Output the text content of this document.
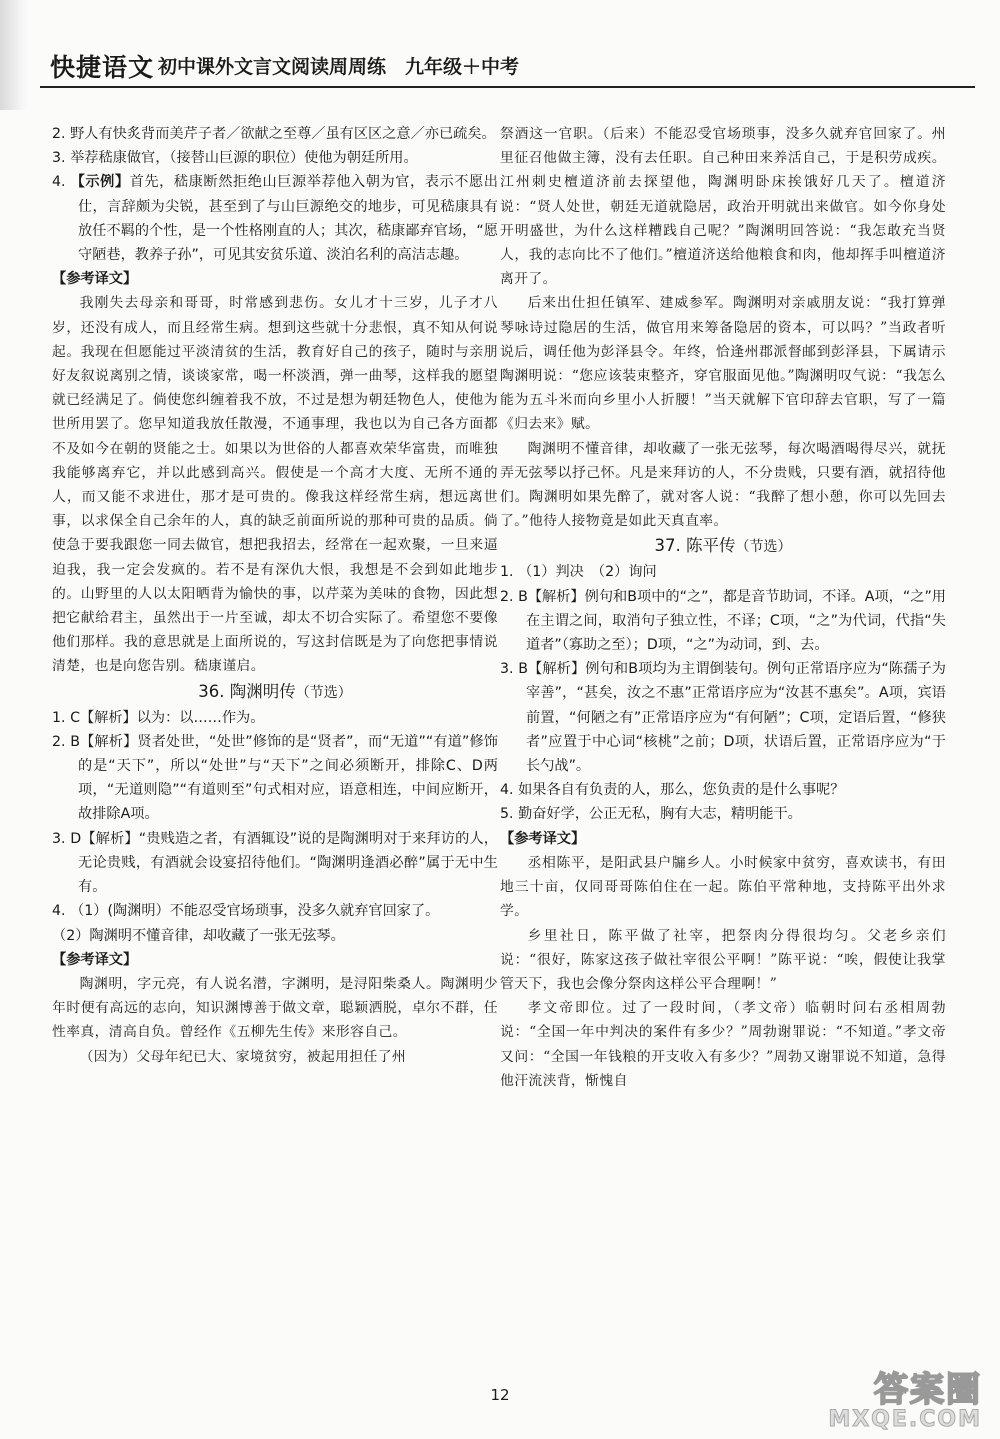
快捷语文 初中课外文言文阅读周周练　九年级＋中考

2. 野人有快炙背而美芹子者／欲献之至尊／虽有区区之意／亦已疏矣。

3. 举荐嵇康做官，（接替山巨源的职位）使他为朝廷所用。

4. 【示例】首先，嵇康断然拒绝山巨源举荐他入朝为官，表示不愿出仕，言辞颇为尖锐，甚至到了与山巨源绝交的地步，可见嵇康具有放任不羁的个性，是一个性格刚直的人；其次，嵇康鄙弃官场，“愿守陋巷，教养子孙”，可见其安贫乐道、淡泊名利的高洁志趣。

【参考译文】

我刚失去母亲和哥哥，时常感到悲伤。女儿才十三岁，儿子才八岁，还没有成人，而且经常生病。想到这些就十分悲恨，真不知从何说起。我现在但愿能过平淡清贫的生活，教育好自己的孩子，随时与亲朋好友叙说离别之情，谈谈家常，喝一杯淡酒，弹一曲琴，这样我的愿望就已经满足了。倘使您纠缠着我不放，不过是想为朝廷物色人，使他为世所用罢了。您早知道我放任散漫，不通事理，我也以为自己各方面都不及如今在朝的贤能之士。如果以为世俗的人都喜欢荣华富贵，而唯独我能够离弃它，并以此感到高兴。假使是一个高才大度、无所不通的人，而又能不求进仕，那才是可贵的。像我这样经常生病，想远离世事，以求保全自己余年的人，真的缺乏前面所说的那种可贵的品质。倘使急于要我跟您一同去做官，想把我招去，经常在一起欢聚，一旦来逼迫我，我一定会发疯的。若不是有深仇大恨，我想是不会到如此地步的。山野里的人以太阳晒背为愉快的事，以芹菜为美味的食物，因此想把它献给君主，虽然出于一片至诚，却太不切合实际了。希望您不要像他们那样。我的意思就是上面所说的，写这封信既是为了向您把事情说清楚，也是向您告别。嵇康谨启。

36. 陶渊明传（节选）

1. C【解析】以为：以……作为。

2. B【解析】贤者处世，“处世”修饰的是“贤者”，而“无道”“有道”修饰的是“天下”，所以“处世”与“天下”之间必须断开，排除C、D两项，“无道则隐”“有道则至”句式相对应，语意相连，中间应断开，故排除A项。

3. D【解析】“贵贱造之者，有酒辄设”说的是陶渊明对于来拜访的人，无论贵贱，有酒就会设宴招待他们。“陶渊明逢酒必醉”属于无中生有。

4. （1）(陶渊明）不能忍受官场琐事，没多久就弃官回家了。

（2）陶渊明不懂音律，却收藏了一张无弦琴。

【参考译文】

陶渊明，字元亮，有人说名潜，字渊明，是浔阳柴桑人。陶渊明少年时便有高远的志向，知识渊博善于做文章，聪颖洒脱，卓尔不群，任性率真，清高自负。曾经作《五柳先生传》来形容自己。

（因为）父母年纪已大、家境贫穷，被起用担任了州

祭酒这一官职。（后来）不能忍受官场琐事，没多久就弃官回家了。州里征召他做主簿，没有去任职。自己种田来养活自己，于是积劳成疾。江州刺史檀道济前去探望他，陶渊明卧床挨饿好几天了。檀道济说：“贤人处世，朝廷无道就隐居，政治开明就出来做官。如今你身处开明盛世，为什么这样糟践自己呢？”陶渊明回答说：“我怎敢充当贤人，我的志向比不了他们。”檀道济送给他粮食和肉，他却挥手叫檀道济离开了。

后来出仕担任镇军、建威参军。陶渊明对亲戚朋友说：“我打算弹琴咏诗过隐居的生活，做官用来筹备隐居的资本，可以吗？”当政者听说后，调任他为彭泽县令。年终，恰逢州郡派督邮到彭泽县，下属请示陶渊明说：“您应该装束整齐，穿官服面见他。”陶渊明叹气说：“我怎么能为五斗米而向乡里小人折腰！”当天就解下官印辞去官职，写了一篇《归去来》赋。

陶渊明不懂音律，却收藏了一张无弦琴，每次喝酒喝得尽兴，就抚弄无弦琴以抒己怀。凡是来拜访的人，不分贵贱，只要有酒，就招待他们。陶渊明如果先醉了，就对客人说：“我醉了想小憩，你可以先回去了。”他待人接物竟是如此天真直率。

37. 陈平传（节选）

1. （1）判决　（2）询问

2. B【解析】例句和B项中的“之”，都是音节助词，不译。A项，“之”用在主谓之间，取消句子独立性，不译；C项，“之”为代词，代指“失道者”（寡助之至）；D项，“之”为动词，到、去。

3. B【解析】例句和B项均为主谓倒装句。例句正常语序应为“陈孺子为宰善”，“甚矣，汝之不惠”正常语序应为“汝甚不惠矣”。A项，宾语前置，“何陋之有”正常语序应为“有何陋”；C项，定语后置，“修狭者”应置于中心词“核桃”之前；D项，状语后置，正常语序应为“于长勺战”。

4. 如果各自有负责的人，那么，您负责的是什么事呢？

5. 勤奋好学，公正无私，胸有大志，精明能干。

【参考译文】

丞相陈平，是阳武县户牖乡人。小时候家中贫穷，喜欢读书，有田地三十亩，仅同哥哥陈伯住在一起。陈伯平常种地，支持陈平出外求学。

乡里社日，陈平做了社宰，把祭肉分得很均匀。父老乡亲们说：“很好，陈家这孩子做社宰很公平啊！”陈平说：“唉，假使让我掌管天下，我也会像分祭肉这样公平合理啊！”

孝文帝即位。过了一段时间，（孝文帝）临朝时问右丞相周勃说：“全国一年中判决的案件有多少？”周勃谢罪说：“不知道。”孝文帝又问：“全国一年钱粮的开支收入有多少？”周勃又谢罪说不知道，急得他汗流浃背，惭愧自

12	答案圈
MXQE.COM
